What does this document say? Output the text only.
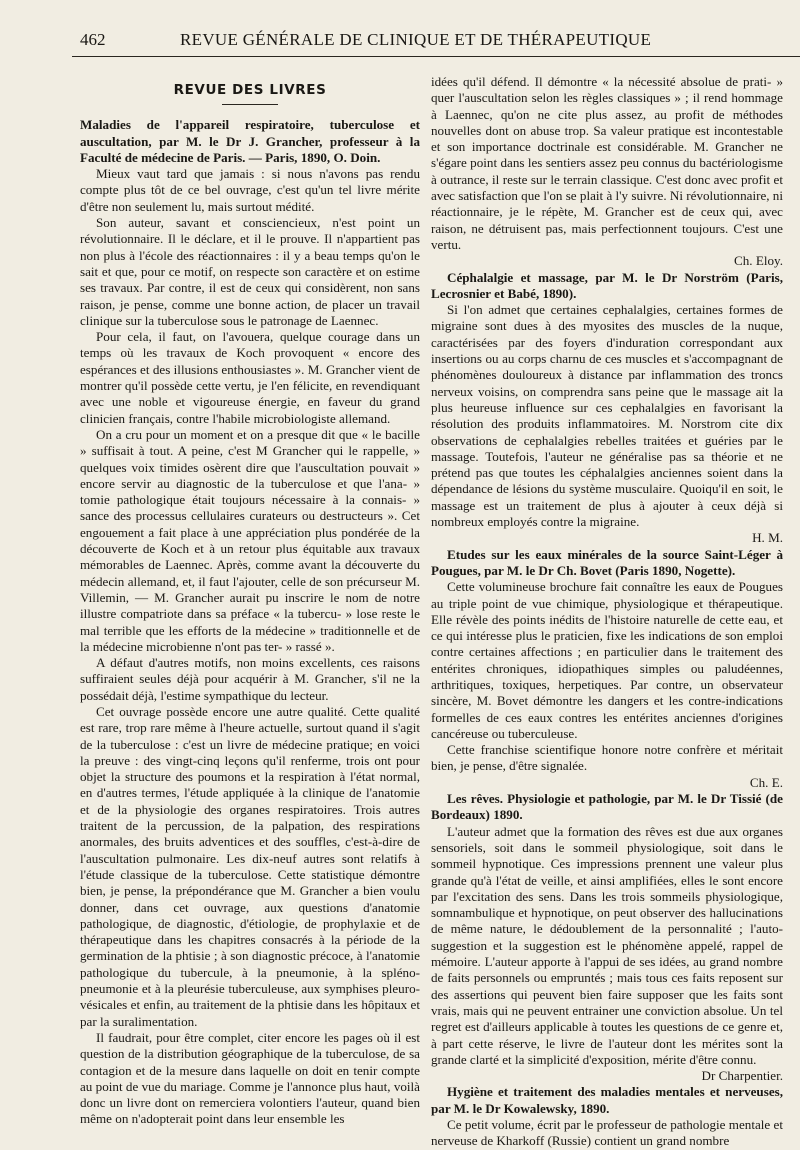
462	REVUE GÉNÉRALE DE CLINIQUE ET DE THÉRAPEUTIQUE
REVUE DES LIVRES

Maladies de l'appareil respiratoire, tuberculose et auscultation, par M. le Dr J. Grancher, professeur à la Faculté de médecine de Paris. — Paris, 1890, O. Doin.

Mieux vaut tard que jamais : si nous n'avons pas rendu compte plus tôt de ce bel ouvrage, c'est qu'un tel livre mérite d'être non seulement lu, mais surtout médité.

Son auteur, savant et consciencieux, n'est point un révolutionnaire. Il le déclare, et il le prouve. Il n'appartient pas non plus à l'école des réactionnaires : il y a beau temps qu'on le sait et que, pour ce motif, on respecte son caractère et on estime ses travaux. Par contre, il est de ceux qui considèrent, non sans raison, je pense, comme une bonne action, de placer un travail clinique sur la tuberculose sous le patronage de Laennec.

Pour cela, il faut, on l'avouera, quelque courage dans un temps où les travaux de Koch provoquent « encore des espérances et des illusions enthousiastes ». M. Grancher vient de montrer qu'il possède cette vertu, je l'en félicite, en revendiquant avec une noble et vigoureuse énergie, en faveur du grand clinicien français, contre l'habile microbiologiste allemand.

On a cru pour un moment et on a presque dit que « le bacille » suffisait à tout. A peine, c'est M Grancher qui le rappelle, » quelques voix timides osèrent dire que l'auscultation pouvait » encore servir au diagnostic de la tuberculose et que l'ana- » tomie pathologique était toujours nécessaire à la connais- » sance des processus cellulaires curateurs ou destructeurs ». Cet engouement a fait place à une appréciation plus pondérée de la découverte de Koch et à un retour plus équitable aux travaux mémorables de Laennec. Après, comme avant la découverte du médecin allemand, et, il faut l'ajouter, celle de son précurseur M. Villemin, — M. Grancher aurait pu inscrire le nom de notre illustre compatriote dans sa préface « la tubercu- » lose reste le mal terrible que les efforts de la médecine » traditionnelle et de la médecine microbienne n'ont pas ter- » rassé ».

A défaut d'autres motifs, non moins excellents, ces raisons suffiraient seules déjà pour acquérir à M. Grancher, s'il ne la possédait déjà, l'estime sympathique du lecteur.

Cet ouvrage possède encore une autre qualité. Cette qualité est rare, trop rare même à l'heure actuelle, surtout quand il s'agit de la tuberculose : c'est un livre de médecine pratique; en voici la preuve : des vingt-cinq leçons qu'il renferme, trois ont pour objet la structure des poumons et la respiration à l'état normal, en d'autres termes, l'étude appliquée à la clinique de l'anatomie et de la physiologie des organes respiratoires. Trois autres traitent de la percussion, de la palpation, des respirations anormales, des bruits adventices et des souffles, c'est-à-dire de l'auscultation pulmonaire. Les dix-neuf autres sont relatifs à l'étude classique de la tuberculose. Cette statistique démontre bien, je pense, la prépondérance que M. Grancher a bien voulu donner, dans cet ouvrage, aux questions d'anatomie pathologique, de diagnostic, d'étiologie, de prophylaxie et de thérapeutique dans les chapitres consacrés à la période de la germination de la phtisie ; à son diagnostic précoce, à l'anatomie pathologique du tubercule, à la pneumonie, à la spléno-pneumonie et à la pleurésie tuberculeuse, aux symphises pleuro-vésicales et enfin, au traitement de la phtisie dans les hôpitaux et par la suralimentation.

Il faudrait, pour être complet, citer encore les pages où il est question de la distribution géographique de la tuberculose, de sa contagion et de la mesure dans laquelle on doit en tenir compte au point de vue du mariage. Comme je l'annonce plus haut, voilà donc un livre dont on remerciera volontiers l'auteur, quand bien même on n'adopterait point dans leur ensemble les

idées qu'il défend. Il démontre « la nécessité absolue de prati- » quer l'auscultation selon les règles classiques » ; il rend hommage à Laennec, qu'on ne cite plus assez, au profit de méthodes nouvelles dont on abuse trop. Sa valeur pratique est incontestable et son importance doctrinale est considérable. M. Grancher ne s'égare point dans les sentiers assez peu connus du bactériologisme à outrance, il reste sur le terrain classique. C'est donc avec profit et avec satisfaction que l'on se plait à l'y suivre. Ni révolutionnaire, ni réactionnaire, je le répète, M. Grancher est de ceux qui, avec raison, ne détruisent pas, mais perfectionnent toujours. C'est une vertu.

Ch. Eloy.

Céphalalgie et massage, par M. le Dr Norström (Paris, Lecrosnier et Babé, 1890).

Si l'on admet que certaines cephalalgies, certaines formes de migraine sont dues à des myosites des muscles de la nuque, caractérisées par des foyers d'induration correspondant aux insertions ou au corps charnu de ces muscles et s'accompagnant de phénomènes douloureux à distance par inflammation des troncs nerveux voisins, on comprendra sans peine que le massage ait la plus heureuse influence sur ces cephalalgies en favorisant la résolution des produits inflammatoires. M. Norstrom cite dix observations de cephalalgies rebelles traitées et guéries par le massage. Toutefois, l'auteur ne généralise pas sa théorie et ne prétend pas que toutes les céphalalgies anciennes soient dans la dépendance de lésions du système musculaire. Quoiqu'il en soit, le massage est un traitement de plus à ajouter à ceux déjà si nombreux employés contre la migraine.

H. M.

Etudes sur les eaux minérales de la source Saint-Léger à Pougues, par M. le Dr Ch. Bovet (Paris 1890, Nogette).

Cette volumineuse brochure fait connaître les eaux de Pougues au triple point de vue chimique, physiologique et thérapeutique. Elle révèle des points inédits de l'histoire naturelle de cette eau, et ce qui intéresse plus le praticien, fixe les indications de son emploi contre certaines affections ; en particulier dans le traitement des entérites chroniques, idiopathiques simples ou paludéennes, arthritiques, toxiques, herpetiques. Par contre, un observateur sincère, M. Bovet démontre les dangers et les contre-indications formelles de ces eaux contres les entérites anciennes d'origines cancéreuse ou tuberculeuse.

Cette franchise scientifique honore notre confrère et méritait bien, je pense, d'être signalée.

Ch. E.

Les rêves. Physiologie et pathologie, par M. le Dr Tissié (de Bordeaux) 1890.

L'auteur admet que la formation des rêves est due aux organes sensoriels, soit dans le sommeil physiologique, soit dans le sommeil hypnotique. Ces impressions prennent une valeur plus grande qu'à l'état de veille, et ainsi amplifiées, elles le sont encore par l'excitation des sens. Dans les trois sommeils physiologique, somnambulique et hypnotique, on peut observer des hallucinations de même nature, le dédoublement de la personnalité ; l'auto-suggestion et la suggestion est le phénomène appelé, rappel de mémoire. L'auteur apporte à l'appui de ses idées, au grand nombre de faits personnels ou empruntés ; mais tous ces faits reposent sur des assertions qui peuvent bien faire supposer que les faits sont vrais, mais qui ne peuvent entrainer une conviction absolue. Un tel regret est d'ailleurs applicable à toutes les questions de ce genre et, à part cette réserve, le livre de l'auteur dont les mérites sont la grande clarté et la simplicité d'exposition, mérite d'être connu.

Dr Charpentier.

Hygiène et traitement des maladies mentales et nerveuses, par M. le Dr Kowalewsky, 1890.

Ce petit volume, écrit par le professeur de pathologie mentale et nerveuse de Kharkoff (Russie) contient un grand nombre
